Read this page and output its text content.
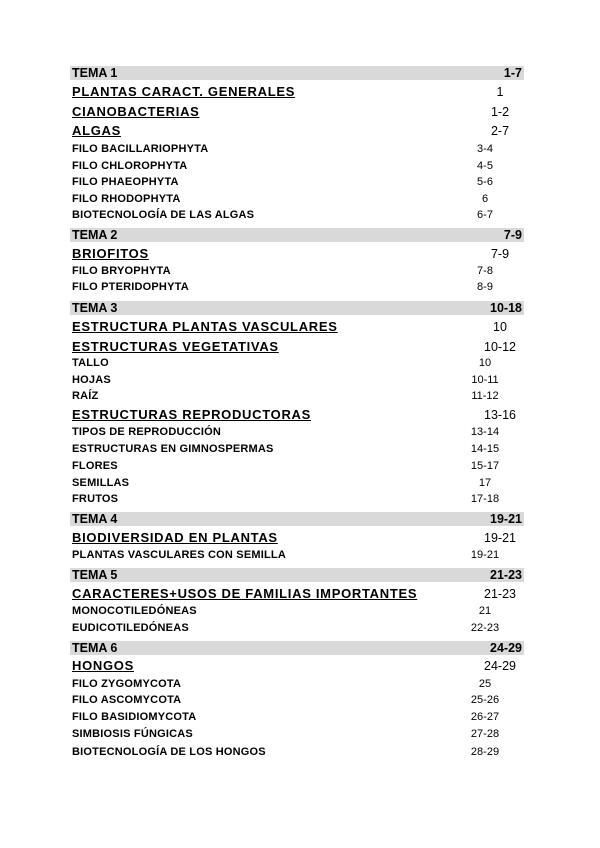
TEMA 1	1-7
PLANTAS CARACT. GENERALES	1
CIANOBACTERIAS	1-2
ALGAS	2-7
FILO BACILLARIOPHYTA	3-4
FILO CHLOROPHYTA	4-5
FILO PHAEOPHYTA	5-6
FILO RHODOPHYTA	6
BIOTECNOLOGÍA DE LAS ALGAS	6-7
TEMA 2	7-9
BRIOFITOS	7-9
FILO BRYOPHYTA	7-8
FILO PTERIDOPHYTA	8-9
TEMA 3	10-18
ESTRUCTURA PLANTAS VASCULARES	10
ESTRUCTURAS VEGETATIVAS	10-12
TALLO	10
HOJAS	10-11
RAÍZ	11-12
ESTRUCTURAS REPRODUCTORAS	13-16
TIPOS DE REPRODUCCIÓN	13-14
ESTRUCTURAS EN GIMNOSPERMAS	14-15
FLORES	15-17
SEMILLAS	17
FRUTOS	17-18
TEMA 4	19-21
BIODIVERSIDAD EN PLANTAS	19-21
PLANTAS VASCULARES CON SEMILLA	19-21
TEMA 5	21-23
CARACTERES+USOS DE FAMILIAS IMPORTANTES	21-23
MONOCOTILEDÓNEAS	21
EUDICOTILEDÓNEAS	22-23
TEMA 6	24-29
HONGOS	24-29
FILO ZYGOMYCOTA	25
FILO ASCOMYCOTA	25-26
FILO BASIDIOMYCOTA	26-27
SIMBIOSIS FÚNGICAS	27-28
BIOTECNOLOGÍA DE LOS HONGOS	28-29
